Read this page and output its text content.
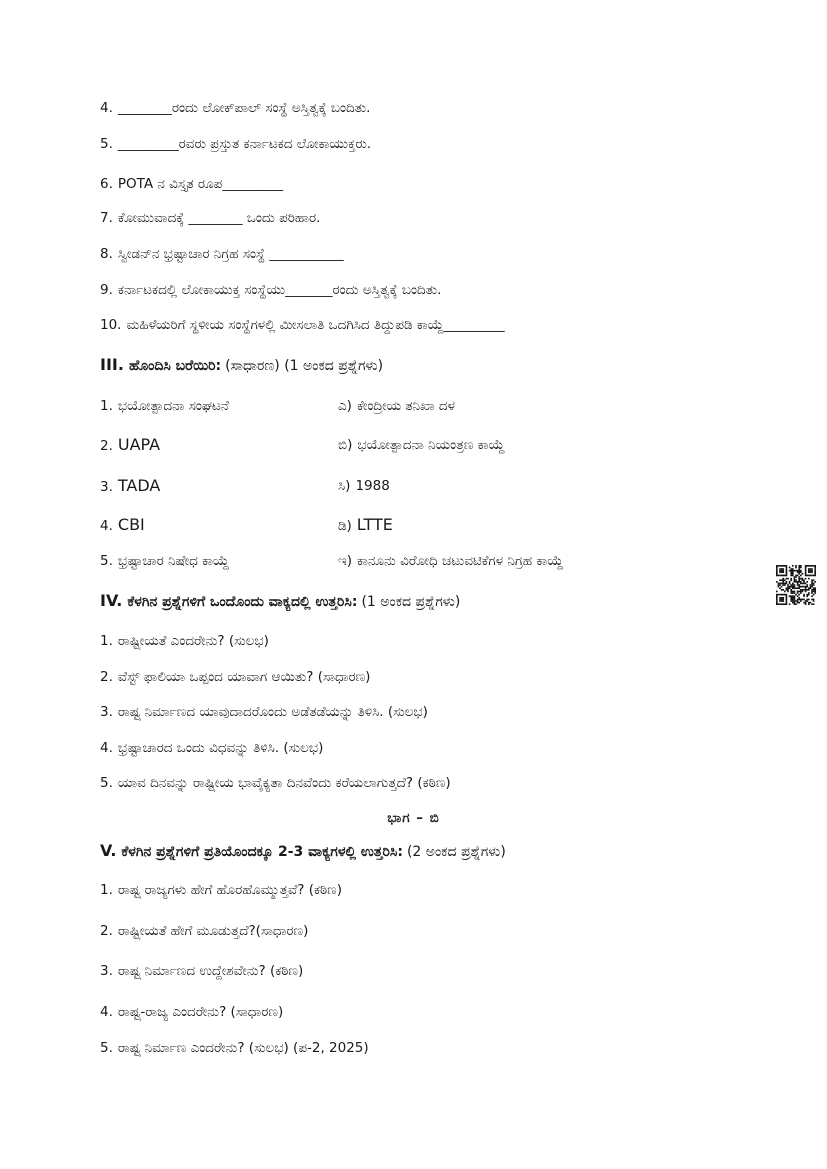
4. ________ರಂದು ಲೋಕ್‌ಪಾಲ್ ಸಂಸ್ಥೆ ಅಸ್ತಿತ್ವಕ್ಕೆ ಬಂದಿತು.
5. _________ರವರು ಪ್ರಸ್ತುತ ಕರ್ನಾಟಕದ ಲೋಕಾಯುಕ್ತರು.
6. POTA ನ ವಿಸ್ತೃತ ರೂಪ_________
7. ಕೋಮುವಾದಕ್ಕೆ ________ ಒಂದು ಪರಿಹಾರ.
8. ಸ್ವೀಡನ್‌ನ ಭ್ರಷ್ಟಾಚಾರ ನಿಗ್ರಹ ಸಂಸ್ಥೆ ___________
9. ಕರ್ನಾಟಕದಲ್ಲಿ ಲೋಕಾಯುಕ್ತ ಸಂಸ್ಥೆಯು_______ರಂದು ಅಸ್ತಿತ್ವಕ್ಕೆ ಬಂದಿತು.
10. ಮಹಿಳೆಯರಿಗೆ ಸ್ಥಳೀಯ ಸಂಸ್ಥೆಗಳಲ್ಲಿ ಮೀಸಲಾತಿ ಒದಗಿಸಿದ ತಿದ್ದುಪಡಿ ಕಾಯ್ದೆ_________
III. ಹೊಂದಿಸಿ ಬರೆಯಿರಿ: (ಸಾಧಾರಣ) (1 ಅಂಕದ ಪ್ರಶ್ನೆಗಳು)
1. ಭಯೋತ್ಪಾದನಾ ಸಂಘಟನೆ	ಎ) ಕೇಂದ್ರೀಯ ತನಿಖಾ ದಳ
2. UAPA	ಬಿ) ಭಯೋತ್ಪಾದನಾ ನಿಯಂತ್ರಣ ಕಾಯ್ದೆ
3. TADA	ಸಿ) 1988
4. CBI	ಡಿ) LTTE
5. ಭ್ರಷ್ಟಾಚಾರ ನಿಷೇಧ ಕಾಯ್ದೆ	ಇ) ಕಾನೂನು ವಿರೋಧಿ ಚಟುವಟಿಕೆಗಳ ನಿಗ್ರಹ ಕಾಯ್ದೆ
IV. ಕೆಳಗಿನ ಪ್ರಶ್ನೆಗಳಿಗೆ ಒಂದೊಂದು ವಾಕ್ಯದಲ್ಲಿ ಉತ್ತರಿಸಿ: (1 ಅಂಕದ ಪ್ರಶ್ನೆಗಳು)
1. ರಾಷ್ಟ್ರೀಯತೆ ಎಂದರೇನು? (ಸುಲಭ)
2. ವೆಸ್ಟ್ ಫಾಲಿಯಾ ಒಪ್ಪಂದ ಯಾವಾಗ ಆಯಿತು? (ಸಾಧಾರಣ)
3. ರಾಷ್ಟ್ರ ನಿರ್ಮಾಣದ ಯಾವುದಾದರೊಂದು ಅಡೆತಡೆಯನ್ನು ತಿಳಿಸಿ. (ಸುಲಭ)
4. ಭ್ರಷ್ಟಾಚಾರದ ಒಂದು ವಿಧವನ್ನು ತಿಳಿಸಿ. (ಸುಲಭ)
5. ಯಾವ ದಿನವನ್ನು ರಾಷ್ಟ್ರೀಯ ಭಾವೈಕ್ಯತಾ ದಿನವೆಂದು ಕರೆಯಲಾಗುತ್ತದೆ? (ಕಠಿಣ)
ಭಾಗ – ಬಿ
V. ಕೆಳಗಿನ ಪ್ರಶ್ನೆಗಳಿಗೆ ಪ್ರತಿಯೊಂದಕ್ಕೂ 2-3 ವಾಕ್ಯಗಳಲ್ಲಿ ಉತ್ತರಿಸಿ: (2 ಅಂಕದ ಪ್ರಶ್ನೆಗಳು)
1. ರಾಷ್ಟ್ರ ರಾಜ್ಯಗಳು ಹೇಗೆ ಹೊರಹೊಮ್ಮುತ್ತವೆ? (ಕಠಿಣ)
2. ರಾಷ್ಟ್ರೀಯತೆ ಹೇಗೆ ಮೂಡುತ್ತದೆ?(ಸಾಧಾರಣ)
3. ರಾಷ್ಟ್ರ ನಿರ್ಮಾಣದ ಉದ್ದೇಶವೇನು? (ಕಠಿಣ)
4. ರಾಷ್ಟ್ರ-ರಾಜ್ಯ ಎಂದರೇನು? (ಸಾಧಾರಣ)
5. ರಾಷ್ಟ್ರ ನಿರ್ಮಾಣ ಎಂದರೇನು? (ಸುಲಭ) (ಪ-2, 2025)
